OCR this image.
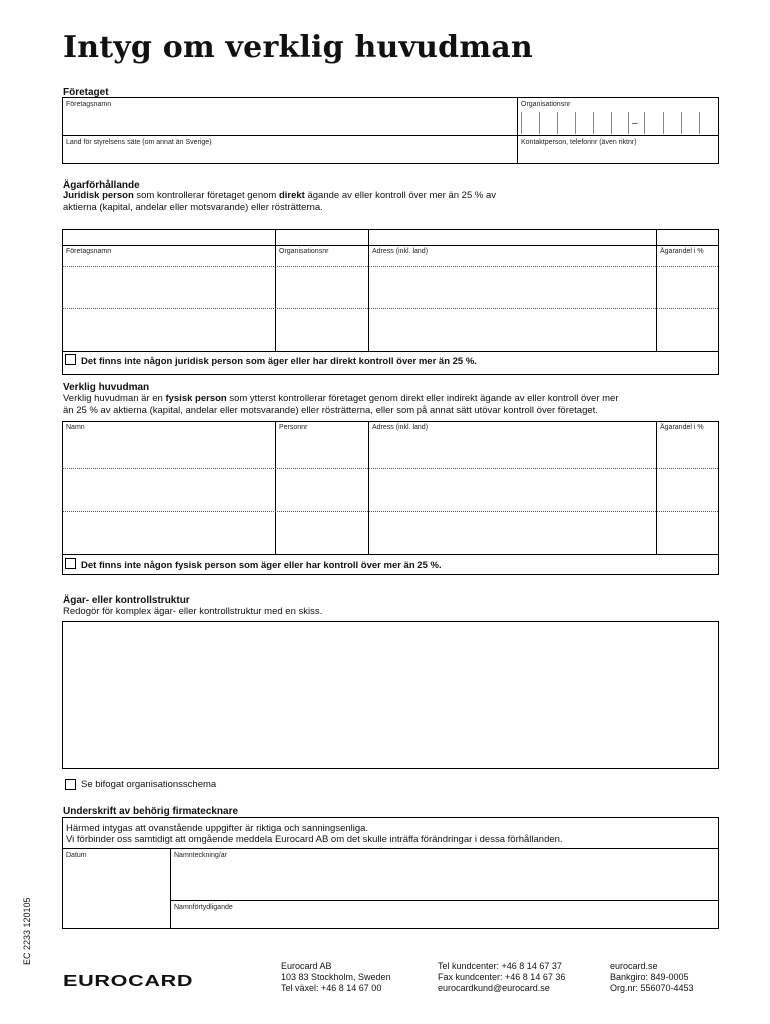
Intyg om verklig huvudman
Företaget
Företagsnamn	Organisationsnr
–
Land för styrelsens säte (om annat än Sverige)	Kontaktperson, telefonnr (även riktnr)
Ägarförhållande
Juridisk person som kontrollerar företaget genom direkt ägande av eller kontroll över mer än 25 % av
aktierna (kapital, andelar eller motsvarande) eller rösträtterna.
Företagsnamn	Organisationsnr	Adress (inkl. land)	Ägarandel i %
Det finns inte någon juridisk person som äger eller har direkt kontroll över mer än 25 %.
Verklig huvudman
Verklig huvudman är en fysisk person som ytterst kontrollerar företaget genom direkt eller indirekt ägande av eller kontroll över mer
än 25 % av aktierna (kapital, andelar eller motsvarande) eller rösträtterna, eller som på annat sätt utövar kontroll över företaget.
Namn	Personnr	Adress (inkl. land)	Ägarandel i %
Det finns inte någon fysisk person som äger eller har kontroll över mer än 25 %.
Ägar- eller kontrollstruktur
Redogör för komplex ägar- eller kontrollstruktur med en skiss.
Se bifogat organisationsschema
Underskrift av behörig firmatecknare
Härmed intygas att ovanstående uppgifter är riktiga och sanningsenliga.
Vi förbinder oss samtidigt att omgående meddela Eurocard AB om det skulle inträffa förändringar i dessa förhållanden.
Datum	Namnteckning/ar
Namnförtydligande
EC 2233 120105
EUROCARD
Eurocard AB
103 83 Stockholm, Sweden
Tel växel: +46 8 14 67 00
Tel kundcenter: +46 8 14 67 37
Fax kundcenter: +46 8 14 67 36
eurocardkund@eurocard.se
eurocard.se
Bankgiro: 849-0005
Org.nr: 556070-4453
